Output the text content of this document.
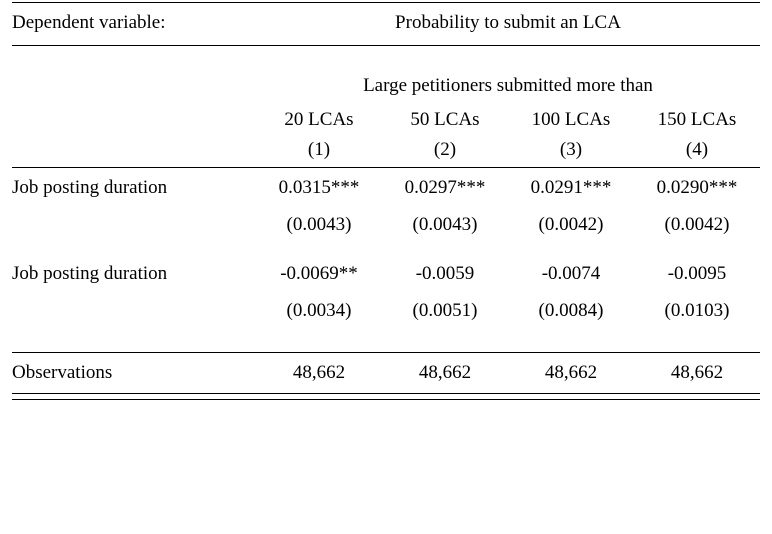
Dependent variable:	Probability to submit an LCA			

	Large petitioners submitted more than			
	20 LCAs	50 LCAs	100 LCAs	150 LCAs
	(1)	(2)	(3)	(4)

Job posting duration	0.0315***	0.0297***	0.0291***	0.0290***
	(0.0043)	(0.0043)	(0.0042)	(0.0042)

Job posting duration	-0.0069**	-0.0059	-0.0074	-0.0095
	(0.0034)	(0.0051)	(0.0084)	(0.0103)

Observations	48,662	48,662	48,662	48,662
